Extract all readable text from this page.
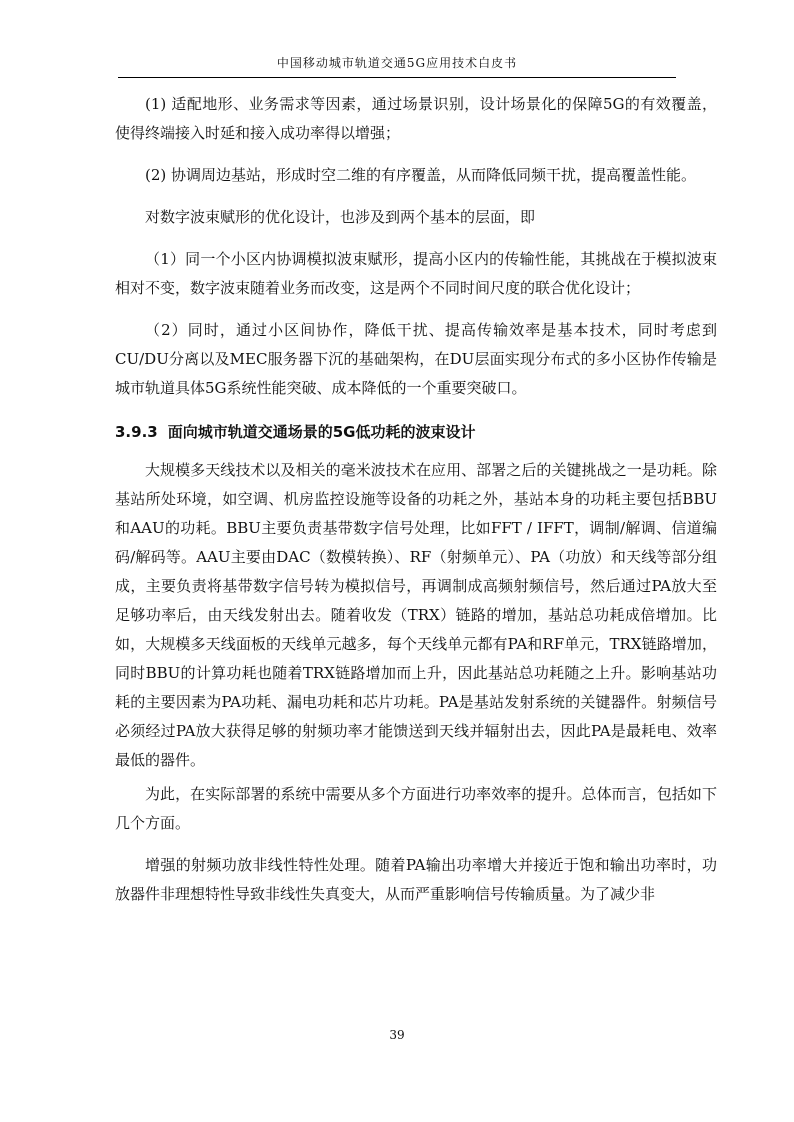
中国移动城市轨道交通5G应用技术白皮书

(1) 适配地形、业务需求等因素，通过场景识别，设计场景化的保障5G的有效覆盖，使得终端接入时延和接入成功率得以增强；

(2) 协调周边基站，形成时空二维的有序覆盖，从而降低同频干扰，提高覆盖性能。

对数字波束赋形的优化设计，也涉及到两个基本的层面，即

（1）同一个小区内协调模拟波束赋形，提高小区内的传输性能，其挑战在于模拟波束相对不变，数字波束随着业务而改变，这是两个不同时间尺度的联合优化设计；

（2）同时，通过小区间协作，降低干扰、提高传输效率是基本技术，同时考虑到CU/DU分离以及MEC服务器下沉的基础架构，在DU层面实现分布式的多小区协作传输是城市轨道具体5G系统性能突破、成本降低的一个重要突破口。

3.9.3 面向城市轨道交通场景的5G低功耗的波束设计

大规模多天线技术以及相关的毫米波技术在应用、部署之后的关键挑战之一是功耗。除基站所处环境，如空调、机房监控设施等设备的功耗之外，基站本身的功耗主要包括BBU和AAU的功耗。BBU主要负责基带数字信号处理，比如FFT / IFFT，调制/解调、信道编码/解码等。AAU主要由DAC（数模转换）、RF（射频单元）、PA（功放）和天线等部分组成，主要负责将基带数字信号转为模拟信号，再调制成高频射频信号，然后通过PA放大至足够功率后，由天线发射出去。随着收发（TRX）链路的增加，基站总功耗成倍增加。比如，大规模多天线面板的天线单元越多，每个天线单元都有PA和RF单元，TRX链路增加，同时BBU的计算功耗也随着TRX链路增加而上升，因此基站总功耗随之上升。影响基站功耗的主要因素为PA功耗、漏电功耗和芯片功耗。PA是基站发射系统的关键器件。射频信号必须经过PA放大获得足够的射频功率才能馈送到天线并辐射出去，因此PA是最耗电、效率最低的器件。

为此，在实际部署的系统中需要从多个方面进行功率效率的提升。总体而言，包括如下几个方面。

增强的射频功放非线性特性处理。随着PA输出功率增大并接近于饱和输出功率时，功放器件非理想特性导致非线性失真变大，从而严重影响信号传输质量。为了减少非

39
